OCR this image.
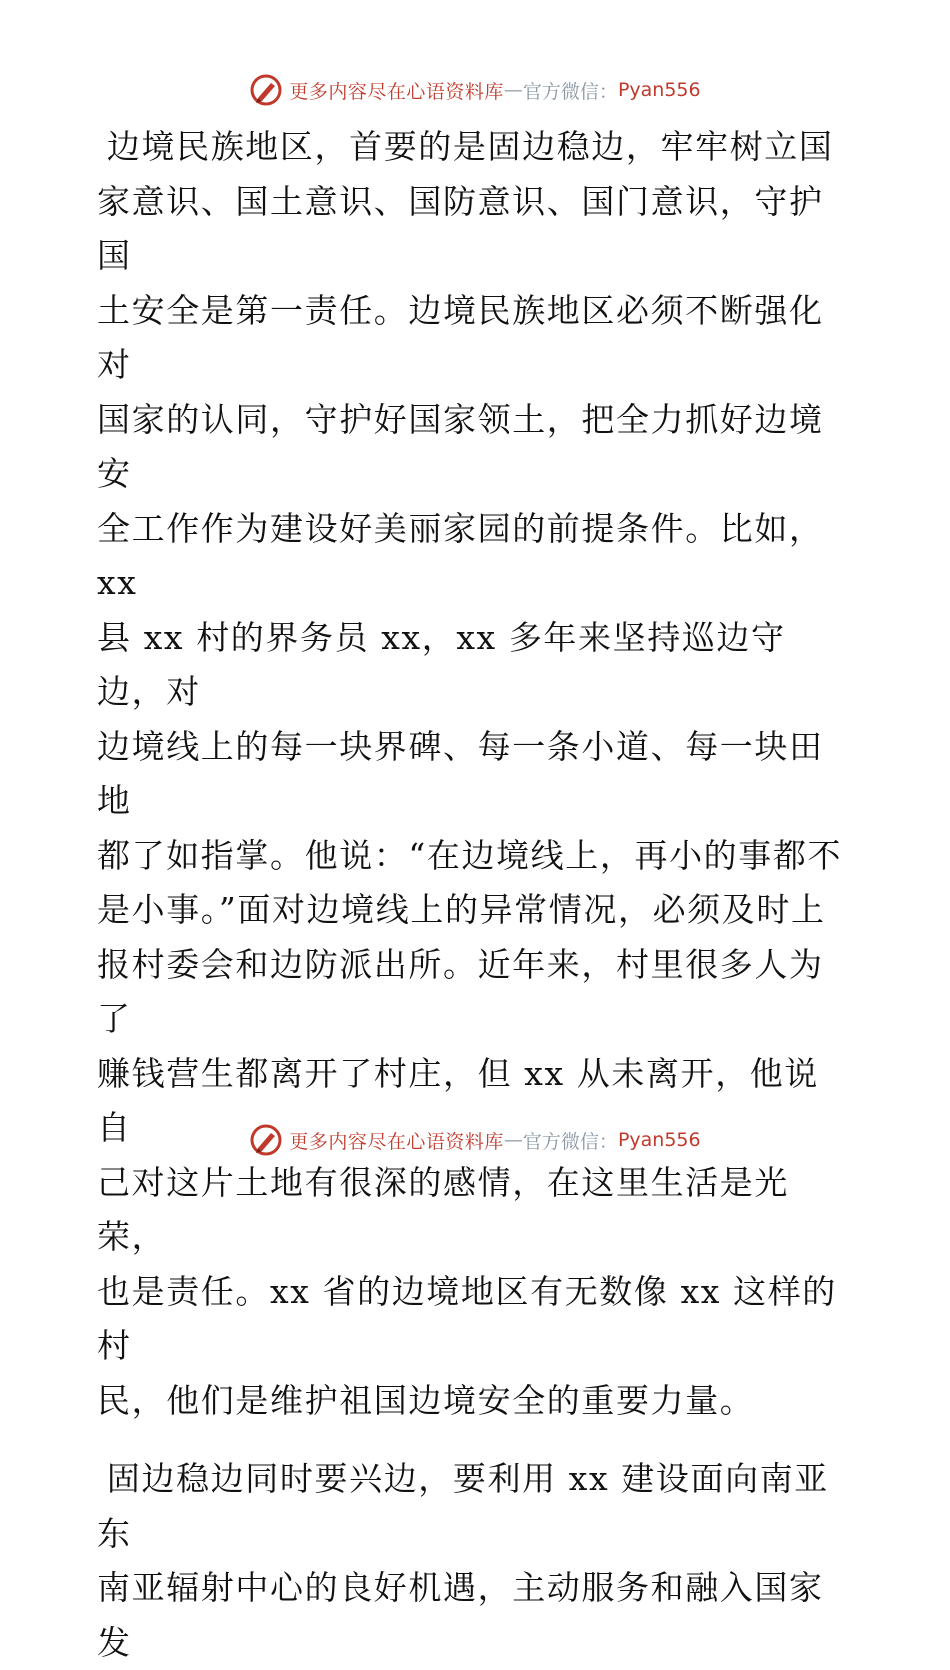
更多内容尽在心语资料库 — 官方微信： Pyan556

边境民族地区，首要的是固边稳边，牢牢树立国
家意识、国土意识、国防意识、国门意识，守护国
土安全是第一责任。边境民族地区必须不断强化对
国家的认同，守护好国家领土，把全力抓好边境安
全工作作为建设好美丽家园的前提条件。比如，xx
县 xx 村的界务员 xx，xx 多年来坚持巡边守边，对
边境线上的每一块界碑、每一条小道、每一块田地
都了如指掌。他说：“在边境线上，再小的事都不
是小事。”面对边境线上的异常情况，必须及时上
报村委会和边防派出所。近年来，村里很多人为了
赚钱营生都离开了村庄，但 xx 从未离开，他说自
己对这片土地有很深的感情，在这里生活是光荣，
也是责任。xx 省的边境地区有无数像 xx 这样的村
民，他们是维护祖国边境安全的重要力量。

固边稳边同时要兴边，要利用 xx 建设面向南亚东
南亚辐射中心的良好机遇，主动服务和融入国家发

更多内容尽在心语资料库 — 官方微信： Pyan556
